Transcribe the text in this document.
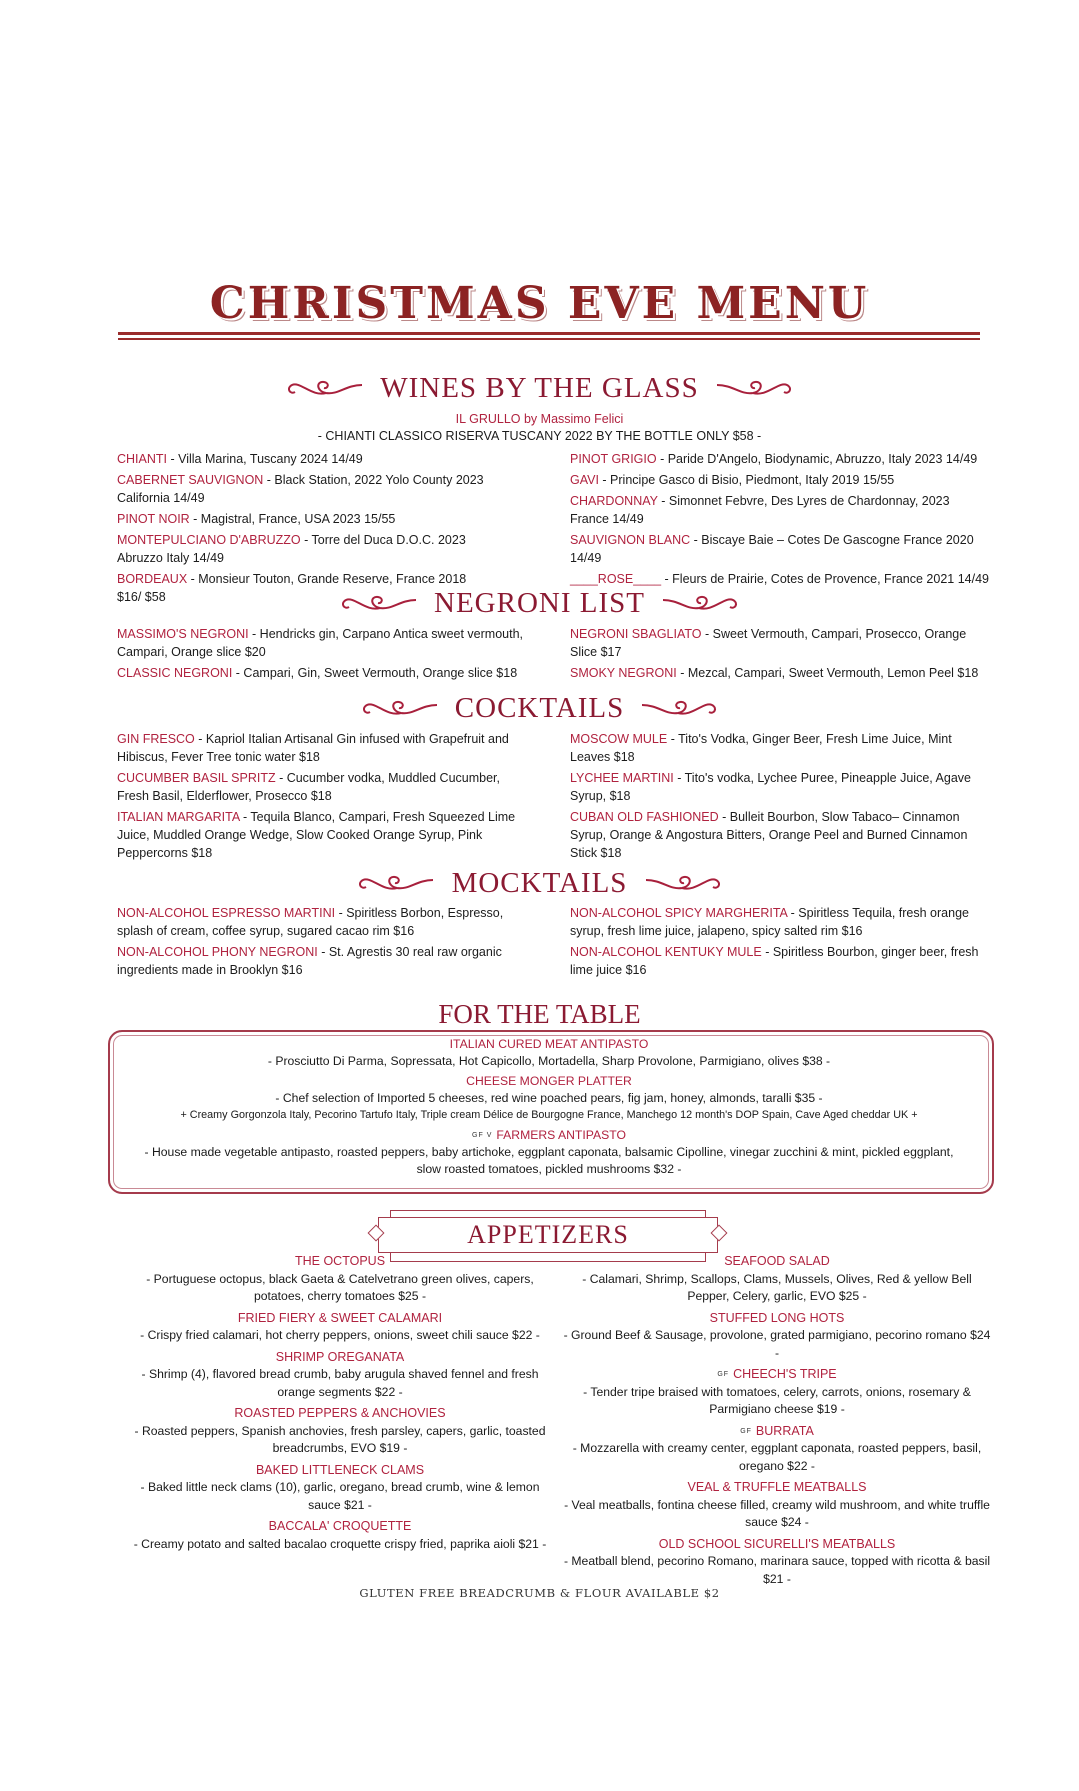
CHRISTMAS EVE MENU
WINES BY THE GLASS
IL GRULLO by Massimo Felici
- CHIANTI CLASSICO RISERVA TUSCANY 2022 BY THE BOTTLE ONLY $58 -
CHIANTI - Villa Marina, Tuscany 2024 14/49
CABERNET SAUVIGNON - Black Station, 2022 Yolo County 2023 California 14/49
PINOT NOIR - Magistral, France, USA 2023 15/55
MONTEPULCIANO D'ABRUZZO - Torre del Duca D.O.C. 2023 Abruzzo Italy 14/49
BORDEAUX - Monsieur Touton, Grande Reserve, France 2018 $16/ $58
PINOT GRIGIO - Paride D'Angelo, Biodynamic, Abruzzo, Italy 2023 14/49
GAVI - Principe Gasco di Bisio, Piedmont, Italy 2019 15/55
CHARDONNAY - Simonnet Febvre, Des Lyres de Chardonnay, 2023 France 14/49
SAUVIGNON BLANC - Biscaye Baie – Cotes De Gascogne France 2020 14/49
____ROSE____ - Fleurs de Prairie, Cotes de Provence, France 2021 14/49
NEGRONI LIST
MASSIMO'S NEGRONI - Hendricks gin, Carpano Antica sweet vermouth, Campari, Orange slice $20
CLASSIC NEGRONI - Campari, Gin, Sweet Vermouth, Orange slice $18
NEGRONI SBAGLIATO - Sweet Vermouth, Campari, Prosecco, Orange Slice $17
SMOKY NEGRONI - Mezcal, Campari, Sweet Vermouth, Lemon Peel $18
COCKTAILS
GIN FRESCO - Kapriol Italian Artisanal Gin infused with Grapefruit and Hibiscus, Fever Tree tonic water $18
CUCUMBER BASIL SPRITZ - Cucumber vodka, Muddled Cucumber, Fresh Basil, Elderflower, Prosecco $18
ITALIAN MARGARITA - Tequila Blanco, Campari, Fresh Squeezed Lime Juice, Muddled Orange Wedge, Slow Cooked Orange Syrup, Pink Peppercorns $18
MOSCOW MULE - Tito's Vodka, Ginger Beer, Fresh Lime Juice, Mint Leaves $18
LYCHEE MARTINI - Tito's vodka, Lychee Puree, Pineapple Juice, Agave Syrup, $18
CUBAN OLD FASHIONED - Bulleit Bourbon, Slow Tabaco– Cinnamon Syrup, Orange & Angostura Bitters, Orange Peel and Burned Cinnamon Stick $18
MOCKTAILS
NON-ALCOHOL ESPRESSO MARTINI - Spiritless Borbon, Espresso, splash of cream, coffee syrup, sugared cacao rim $16
NON-ALCOHOL PHONY NEGRONI - St. Agrestis 30 real raw organic ingredients made in Brooklyn $16
NON-ALCOHOL SPICY MARGHERITA - Spiritless Tequila, fresh orange syrup, fresh lime juice, jalapeno, spicy salted rim $16
NON-ALCOHOL KENTUKY MULE - Spiritless Bourbon, ginger beer, fresh lime juice $16
FOR THE TABLE
ITALIAN CURED MEAT ANTIPASTO
- Prosciutto Di Parma, Sopressata, Hot Capicollo, Mortadella, Sharp Provolone, Parmigiano, olives $38 -
CHEESE MONGER PLATTER
- Chef selection of Imported 5 cheeses, red wine poached pears, fig jam, honey, almonds, taralli $35 -
+ Creamy Gorgonzola Italy, Pecorino Tartufo Italy, Triple cream Délice de Bourgogne France, Manchego 12 month's DOP Spain, Cave Aged cheddar UK +
GF V FARMERS ANTIPASTO
- House made vegetable antipasto, roasted peppers, baby artichoke, eggplant caponata, balsamic Cipolline, vinegar zucchini & mint, pickled eggplant, slow roasted tomatoes, pickled mushrooms $32 -
APPETIZERS
THE OCTOPUS
- Portuguese octopus, black Gaeta & Catelvetrano green olives, capers, potatoes, cherry tomatoes $25 -
FRIED FIERY & SWEET CALAMARI
- Crispy fried calamari, hot cherry peppers, onions, sweet chili sauce $22 -
SHRIMP OREGANATA
- Shrimp (4), flavored bread crumb, baby arugula shaved fennel and fresh orange segments $22 -
ROASTED PEPPERS & ANCHOVIES
- Roasted peppers, Spanish anchovies, fresh parsley, capers, garlic, toasted breadcrumbs, EVO $19 -
BAKED LITTLENECK CLAMS
- Baked little neck clams (10), garlic, oregano, bread crumb, wine & lemon sauce $21 -
BACCALA' CROQUETTE
- Creamy potato and salted bacalao croquette crispy fried, paprika aioli $21 -
SEAFOOD SALAD
- Calamari, Shrimp, Scallops, Clams, Mussels, Olives, Red & yellow Bell Pepper, Celery, garlic, EVO $25 -
STUFFED LONG HOTS
- Ground Beef & Sausage, provolone, grated parmigiano, pecorino romano $24 -
GF CHEECH'S TRIPE
- Tender tripe braised with tomatoes, celery, carrots, onions, rosemary & Parmigiano cheese $19 -
GF BURRATA
- Mozzarella with creamy center, eggplant caponata, roasted peppers, basil, oregano $22 -
VEAL & TRUFFLE MEATBALLS
- Veal meatballs, fontina cheese filled, creamy wild mushroom, and white truffle sauce $24 -
OLD SCHOOL SICURELLI'S MEATBALLS
- Meatball blend, pecorino Romano, marinara sauce, topped with ricotta & basil $21 -
GLUTEN FREE BREADCRUMB & FLOUR AVAILABLE $2
